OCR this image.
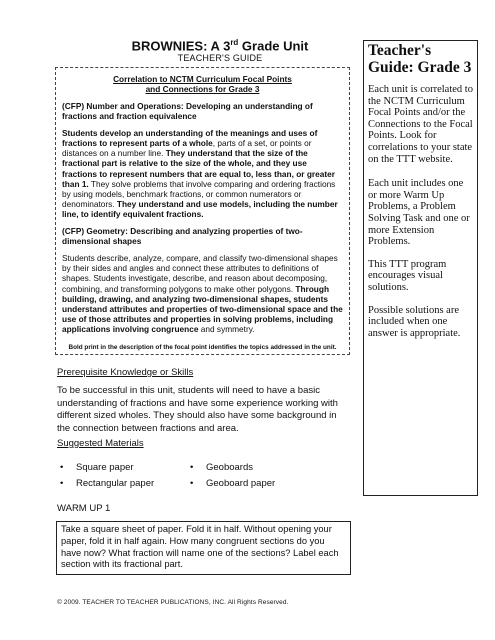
BROWNIES: A 3rd Grade Unit
TEACHER'S GUIDE
Correlation to NCTM Curriculum Focal Points
and Connections for Grade 3
(CFP) Number and Operations: Developing an understanding of fractions and fraction equivalence
Students develop an understanding of the meanings and uses of fractions to represent parts of a whole, parts of a set, or points or distances on a number line. They understand that the size of the fractional part is relative to the size of the whole, and they use fractions to represent numbers that are equal to, less than, or greater than 1. They solve problems that involve comparing and ordering fractions by using models, benchmark fractions, or common numerators or denominators. They understand and use models, including the number line, to identify equivalent fractions.
(CFP) Geometry: Describing and analyzing properties of two-dimensional shapes
Students describe, analyze, compare, and classify two-dimensional shapes by their sides and angles and connect these attributes to definitions of shapes. Students investigate, describe, and reason about decomposing, combining, and transforming polygons to make other polygons. Through building, drawing, and analyzing two-dimensional shapes, students understand attributes and properties of two-dimensional space and the use of those attributes and properties in solving problems, including applications involving congruence and symmetry.
Bold print in the description of the focal point identifies the topics addressed in the unit.
Prerequisite Knowledge or Skills
To be successful in this unit, students will need to have a basic understanding of fractions and have some experience working with different sized wholes. They should also have some background in the connection between fractions and area.
Suggested Materials
• Square paper
• Rectangular paper
• Geoboards
• Geoboard paper
WARM UP 1
Take a square sheet of paper. Fold it in half. Without opening your paper, fold it in half again. How many congruent sections do you have now? What fraction will name one of the sections? Label each section with its fractional part.
Teacher's Guide: Grade 3
Each unit is correlated to the NCTM Curriculum Focal Points and/or the Connections to the Focal Points. Look for correlations to your state on the TTT website.
Each unit includes one or more Warm Up Problems, a Problem Solving Task and one or more Extension Problems.
This TTT program encourages visual solutions.
Possible solutions are included when one answer is appropriate.
© 2009. TEACHER TO TEACHER PUBLICATIONS, INC. All Rights Reserved.
